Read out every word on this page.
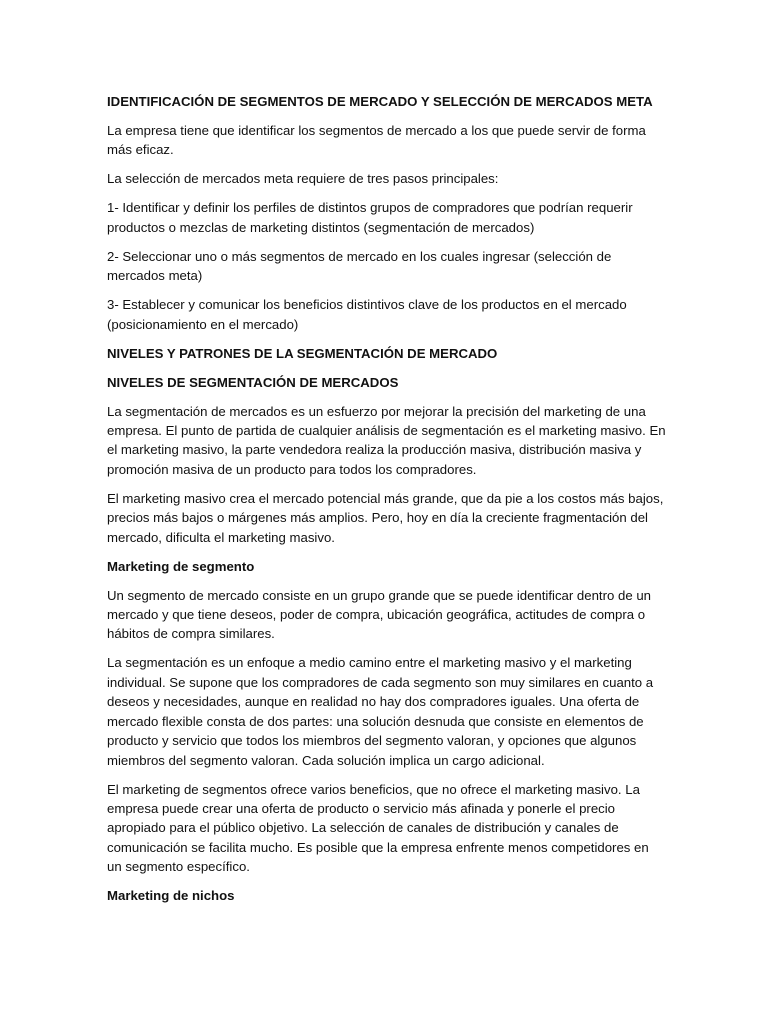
IDENTIFICACIÓN DE SEGMENTOS DE MERCADO Y SELECCIÓN DE MERCADOS META

La empresa tiene que identificar los segmentos de mercado a los que puede servir de forma más eficaz.

La selección de mercados meta requiere de tres pasos principales:

1- Identificar y definir los perfiles de distintos grupos de compradores que podrían requerir productos o mezclas de marketing distintos (segmentación de mercados)

2- Seleccionar uno o más segmentos de mercado en los cuales ingresar (selección de mercados meta)

3- Establecer y comunicar los beneficios distintivos clave de los productos en el mercado (posicionamiento en el mercado)

NIVELES Y PATRONES DE LA SEGMENTACIÓN DE MERCADO
NIVELES DE SEGMENTACIÓN DE MERCADOS

La segmentación de mercados es un esfuerzo por mejorar la precisión del marketing de una empresa. El punto de partida de cualquier análisis de segmentación es el marketing masivo. En el marketing masivo, la parte vendedora realiza la producción masiva, distribución masiva y promoción masiva de un producto para todos los compradores.

El marketing masivo crea el mercado potencial más grande, que da pie a los costos más bajos, precios más bajos o márgenes más amplios. Pero, hoy en día la creciente fragmentación del mercado, dificulta el marketing masivo.

Marketing de segmento

Un segmento de mercado consiste en un grupo grande que se puede identificar dentro de un mercado y que tiene deseos, poder de compra, ubicación geográfica, actitudes de compra o hábitos de compra similares.

La segmentación es un enfoque a medio camino entre el marketing masivo y el marketing individual. Se supone que los compradores de cada segmento son muy similares en cuanto a deseos y necesidades, aunque en realidad no hay dos compradores iguales. Una oferta de mercado flexible consta de dos partes: una solución desnuda que consiste en elementos de producto y servicio que todos los miembros del segmento valoran, y opciones que algunos miembros del segmento valoran. Cada solución implica un cargo adicional.

El marketing de segmentos ofrece varios beneficios, que no ofrece el marketing masivo. La empresa puede crear una oferta de producto o servicio más afinada y ponerle el precio apropiado para el público objetivo. La selección de canales de distribución y canales de comunicación se facilita mucho. Es posible que la empresa enfrente menos competidores en un segmento específico.

Marketing de nichos
